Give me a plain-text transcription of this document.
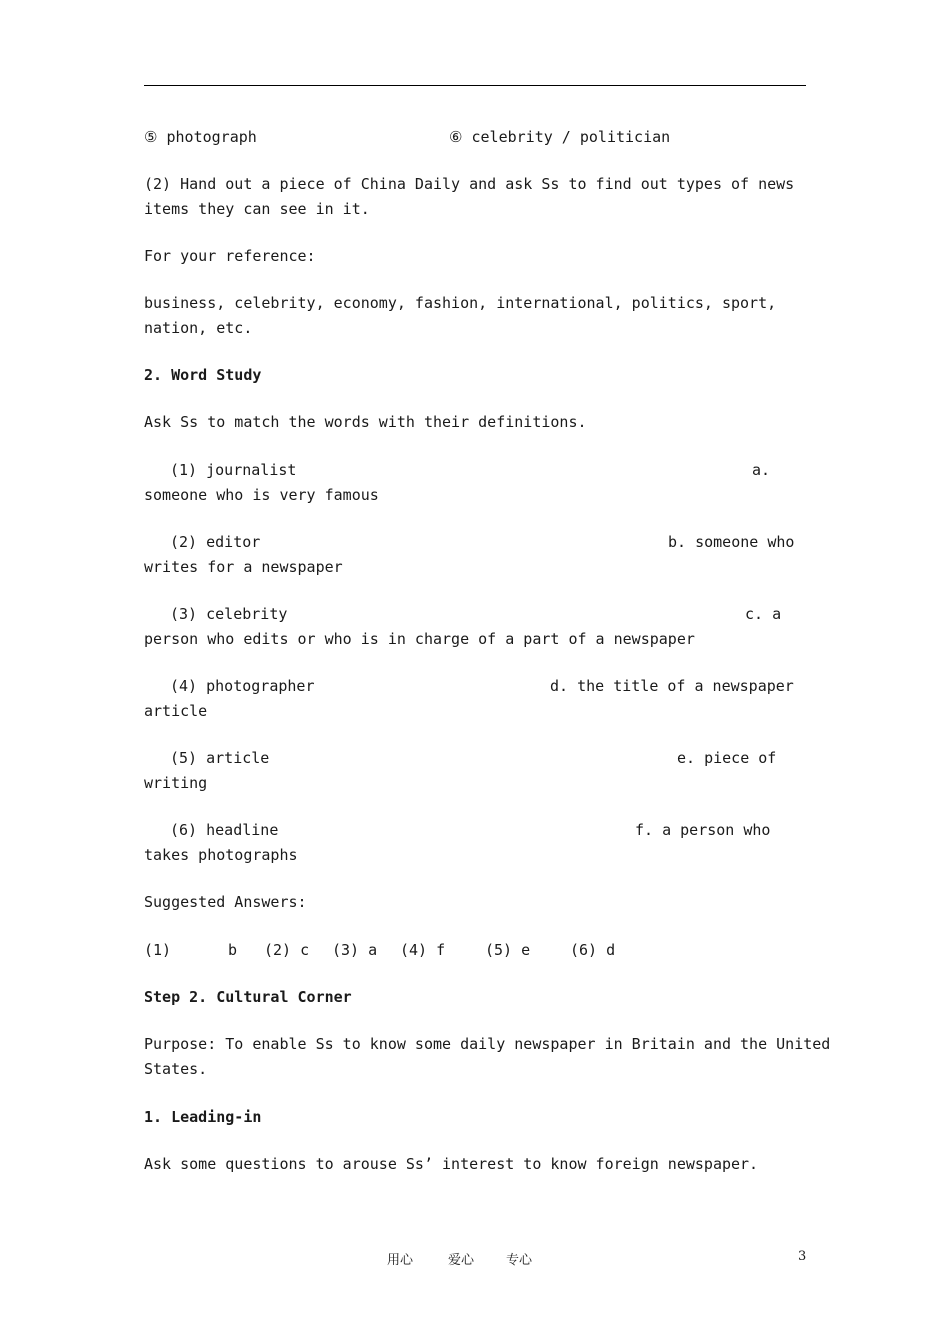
⑤ photograph	⑥ celebrity / politician
(2) Hand out a piece of China Daily and ask Ss to find out types of news
items they can see in it.
For your reference:
business, celebrity, economy, fashion, international, politics, sport,
nation, etc.
2. Word Study
Ask Ss to match the words with their definitions.
(1) journalist	a.
someone who is very famous
(2) editor	b. someone who
writes for a newspaper
(3) celebrity	c. a
person who edits or who is in charge of a part of a newspaper
(4) photographer	d. the title of a newspaper
article
(5) article	e. piece of
writing
(6) headline	f. a person who
takes photographs
Suggested Answers:
(1)	b (2) c (3) a (4) f	(5) e	(6) d
Step 2. Cultural Corner
Purpose: To enable Ss to know some daily newspaper in Britain and the United
States.
1. Leading-in
Ask some questions to arouse Ss’ interest to know foreign newspaper.
用心	爱心 专心	3
